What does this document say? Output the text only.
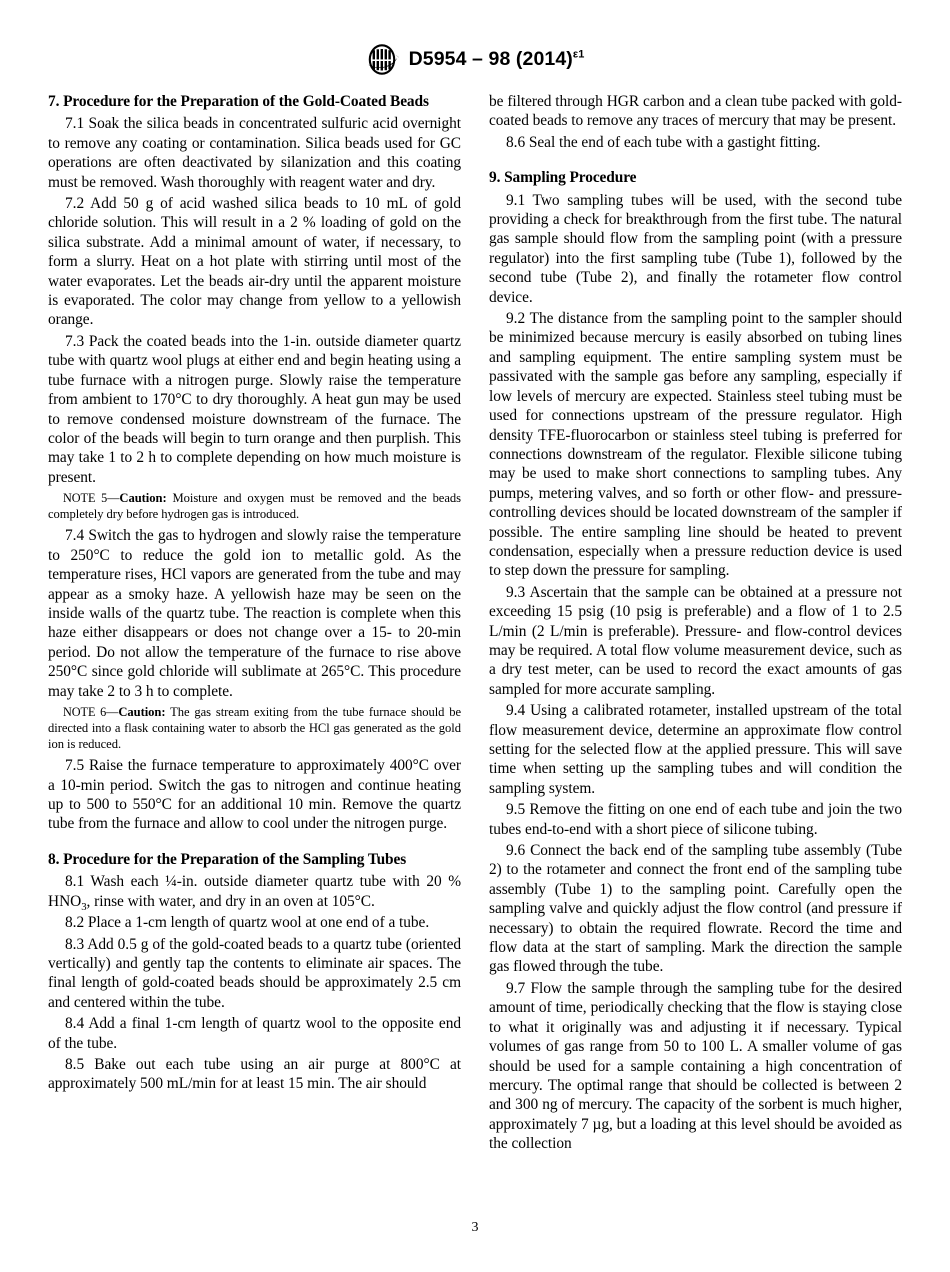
D5954 – 98 $(2014)^{\varepsilon 1}$
7. Procedure for the Preparation of the Gold-Coated Beads

7.1 Soak the silica beads in concentrated sulfuric acid overnight to remove any coating or contamination. Silica beads used for GC operations are often deactivated by silanization and this coating must be removed. Wash thoroughly with reagent water and dry.

7.2 Add 50 g of acid washed silica beads to 10 mL of gold chloride solution. This will result in a 2 % loading of gold on the silica substrate. Add a minimal amount of water, if necessary, to form a slurry. Heat on a hot plate with stirring until most of the water evaporates. Let the beads air-dry until the apparent moisture is evaporated. The color may change from yellow to a yellowish orange.

7.3 Pack the coated beads into the 1-in. outside diameter quartz tube with quartz wool plugs at either end and begin heating using a tube furnace with a nitrogen purge. Slowly raise the temperature from ambient to 170°C to dry thoroughly. A heat gun may be used to remove condensed moisture downstream of the furnace. The color of the beads will begin to turn orange and then purplish. This may take 1 to 2 h to complete depending on how much moisture is present.

NOTE 5—Caution: Moisture and oxygen must be removed and the beads completely dry before hydrogen gas is introduced.

7.4 Switch the gas to hydrogen and slowly raise the temperature to 250°C to reduce the gold ion to metallic gold. As the temperature rises, HCl vapors are generated from the tube and may appear as a smoky haze. A yellowish haze may be seen on the inside walls of the quartz tube. The reaction is complete when this haze either disappears or does not change over a 15- to 20-min period. Do not allow the temperature of the furnace to rise above 250°C since gold chloride will sublimate at 265°C. This procedure may take 2 to 3 h to complete.

NOTE 6—Caution: The gas stream exiting from the tube furnace should be directed into a flask containing water to absorb the HCl gas generated as the gold ion is reduced.

7.5 Raise the furnace temperature to approximately 400°C over a 10-min period. Switch the gas to nitrogen and continue heating up to 500 to 550°C for an additional 10 min. Remove the quartz tube from the furnace and allow to cool under the nitrogen purge.

8. Procedure for the Preparation of the Sampling Tubes

8.1 Wash each ¼-in. outside diameter quartz tube with 20 % $HNO_3$, rinse with water, and dry in an oven at 105°C.

8.2 Place a 1-cm length of quartz wool at one end of a tube.

8.3 Add 0.5 g of the gold-coated beads to a quartz tube (oriented vertically) and gently tap the contents to eliminate air spaces. The final length of gold-coated beads should be approximately 2.5 cm and centered within the tube.

8.4 Add a final 1-cm length of quartz wool to the opposite end of the tube.

8.5 Bake out each tube using an air purge at 800°C at approximately 500 mL/min for at least 15 min. The air should

be filtered through HGR carbon and a clean tube packed with gold-coated beads to remove any traces of mercury that may be present.

8.6 Seal the end of each tube with a gastight fitting.

9. Sampling Procedure

9.1 Two sampling tubes will be used, with the second tube providing a check for breakthrough from the first tube. The natural gas sample should flow from the sampling point (with a pressure regulator) into the first sampling tube (Tube 1), followed by the second tube (Tube 2), and finally the rotameter flow control device.

9.2 The distance from the sampling point to the sampler should be minimized because mercury is easily absorbed on tubing lines and sampling equipment. The entire sampling system must be passivated with the sample gas before any sampling, especially if low levels of mercury are expected. Stainless steel tubing must be used for connections upstream of the pressure regulator. High density TFE-fluorocarbon or stainless steel tubing is preferred for connections downstream of the regulator. Flexible silicone tubing may be used to make short connections to sampling tubes. Any pumps, metering valves, and so forth or other flow- and pressure-controlling devices should be located downstream of the sampler if possible. The entire sampling line should be heated to prevent condensation, especially when a pressure reduction device is used to step down the pressure for sampling.

9.3 Ascertain that the sample can be obtained at a pressure not exceeding 15 psig (10 psig is preferable) and a flow of 1 to 2.5 L/min (2 L/min is preferable). Pressure- and flow-control devices may be required. A total flow volume measurement device, such as a dry test meter, can be used to record the exact amounts of gas sampled for more accurate sampling.

9.4 Using a calibrated rotameter, installed upstream of the total flow measurement device, determine an approximate flow control setting for the selected flow at the applied pressure. This will save time when setting up the sampling tubes and will condition the sampling system.

9.5 Remove the fitting on one end of each tube and join the two tubes end-to-end with a short piece of silicone tubing.

9.6 Connect the back end of the sampling tube assembly (Tube 2) to the rotameter and connect the front end of the sampling tube assembly (Tube 1) to the sampling point. Carefully open the sampling valve and quickly adjust the flow control (and pressure if necessary) to obtain the required flowrate. Record the time and flow data at the start of sampling. Mark the direction the sample gas flowed through the tube.

9.7 Flow the sample through the sampling tube for the desired amount of time, periodically checking that the flow is staying close to what it originally was and adjusting it if necessary. Typical volumes of gas range from 50 to 100 L. A smaller volume of gas should be used for a sample containing a high concentration of mercury. The optimal range that should be collected is between 2 and 300 ng of mercury. The capacity of the sorbent is much higher, approximately 7 µg, but a loading at this level should be avoided as the collection

3
